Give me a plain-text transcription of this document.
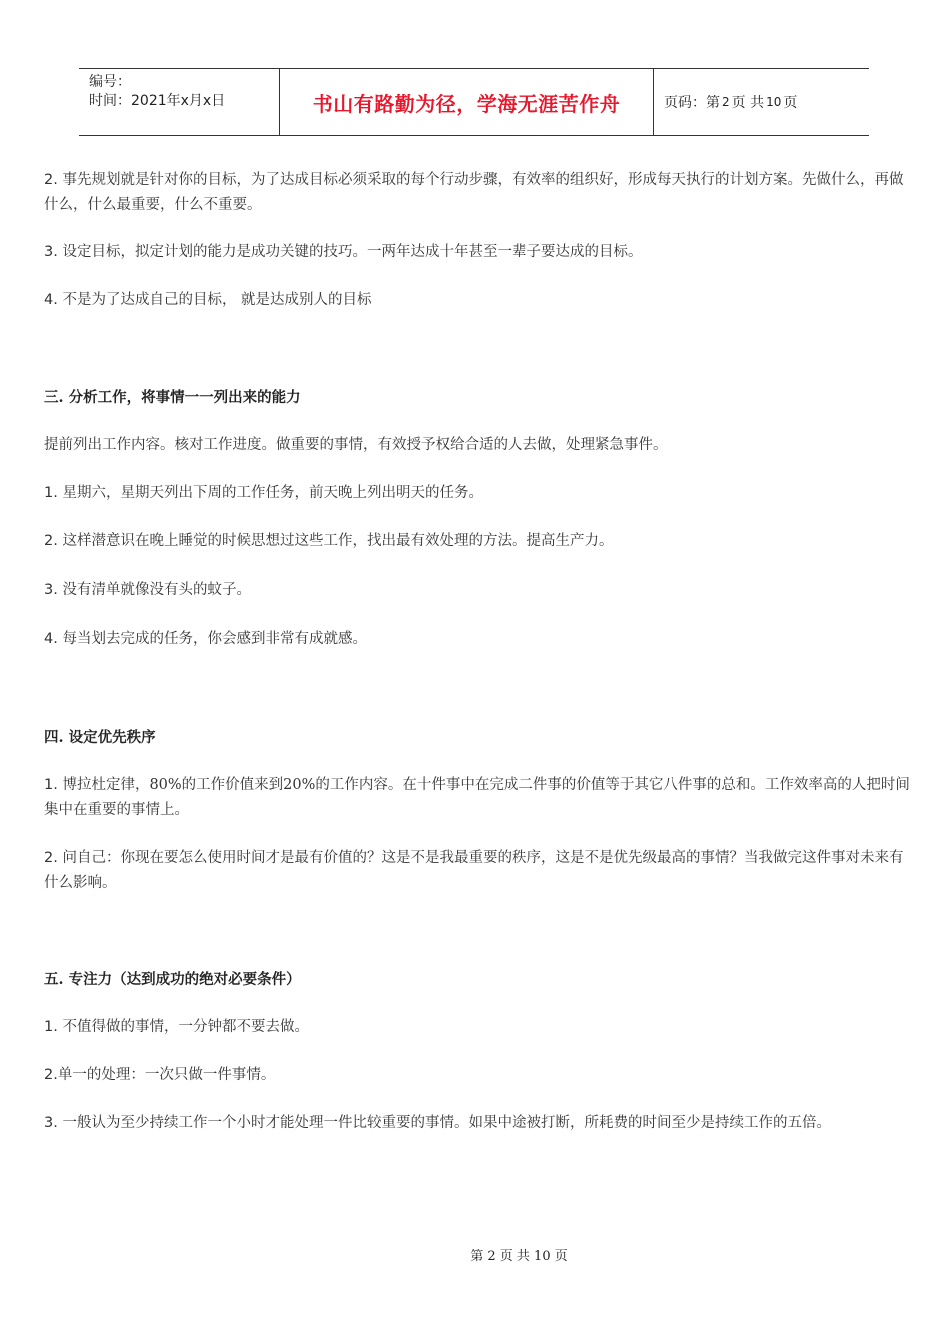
编号：
时间：2021年x月x日	书山有路勤为径，学海无涯苦作舟	页码：第 2 页 共 10 页

2. 事先规划就是针对你的目标，为了达成目标必须采取的每个行动步骤，有效率的组织好，形成每天执行的计划方案。先做什么，再做什么，什么最重要，什么不重要。

3. 设定目标，拟定计划的能力是成功关键的技巧。一两年达成十年甚至一辈子要达成的目标。

4. 不是为了达成自己的目标， 就是达成别人的目标

三. 分析工作，将事情一一列出来的能力

提前列出工作内容。核对工作进度。做重要的事情，有效授予权给合适的人去做，处理紧急事件。

1. 星期六，星期天列出下周的工作任务，前天晚上列出明天的任务。

2. 这样潜意识在晚上睡觉的时候思想过这些工作，找出最有效处理的方法。提高生产力。

3. 没有清单就像没有头的蚊子。

4. 每当划去完成的任务，你会感到非常有成就感。

四. 设定优先秩序

1. 博拉杜定律，80%的工作价值来到20%的工作内容。在十件事中在完成二件事的价值等于其它八件事的总和。工作效率高的人把时间集中在重要的事情上。

2. 问自己：你现在要怎么使用时间才是最有价值的？这是不是我最重要的秩序，这是不是优先级最高的事情？当我做完这件事对未来有什么影响。

五. 专注力（达到成功的绝对必要条件）

1. 不值得做的事情，一分钟都不要去做。

2.单一的处理：一次只做一件事情。

3. 一般认为至少持续工作一个小时才能处理一件比较重要的事情。如果中途被打断，所耗费的时间至少是持续工作的五倍。

第 2 页 共 10 页
